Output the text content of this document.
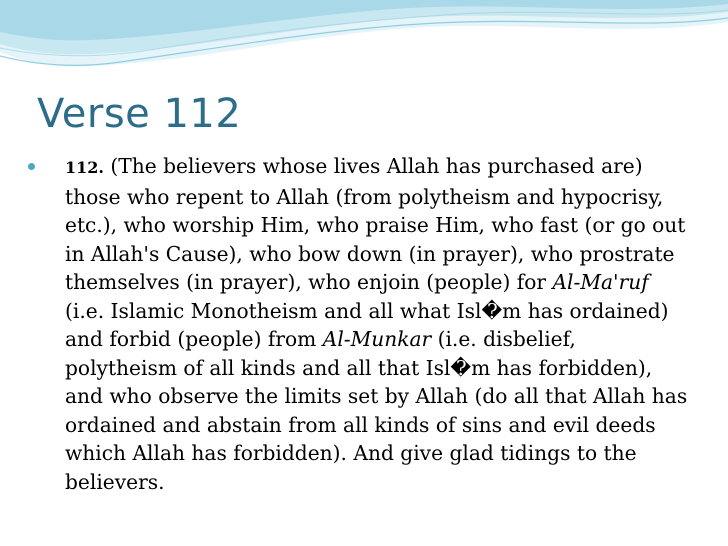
Verse 112
112. (The believers whose lives Allah has purchased are) those who repent to Allah (from polytheism and hypocrisy, etc.), who worship Him, who praise Him, who fast (or go out in Allah's Cause), who bow down (in prayer), who prostrate themselves (in prayer), who enjoin (people) for Al-Ma'ruf (i.e. Islamic Monotheism and all what Isl�m has ordained) and forbid (people) from Al-Munkar (i.e. disbelief, polytheism of all kinds and all that Isl�m has forbidden), and who observe the limits set by Allah (do all that Allah has ordained and abstain from all kinds of sins and evil deeds which Allah has forbidden). And give glad tidings to the believers.
